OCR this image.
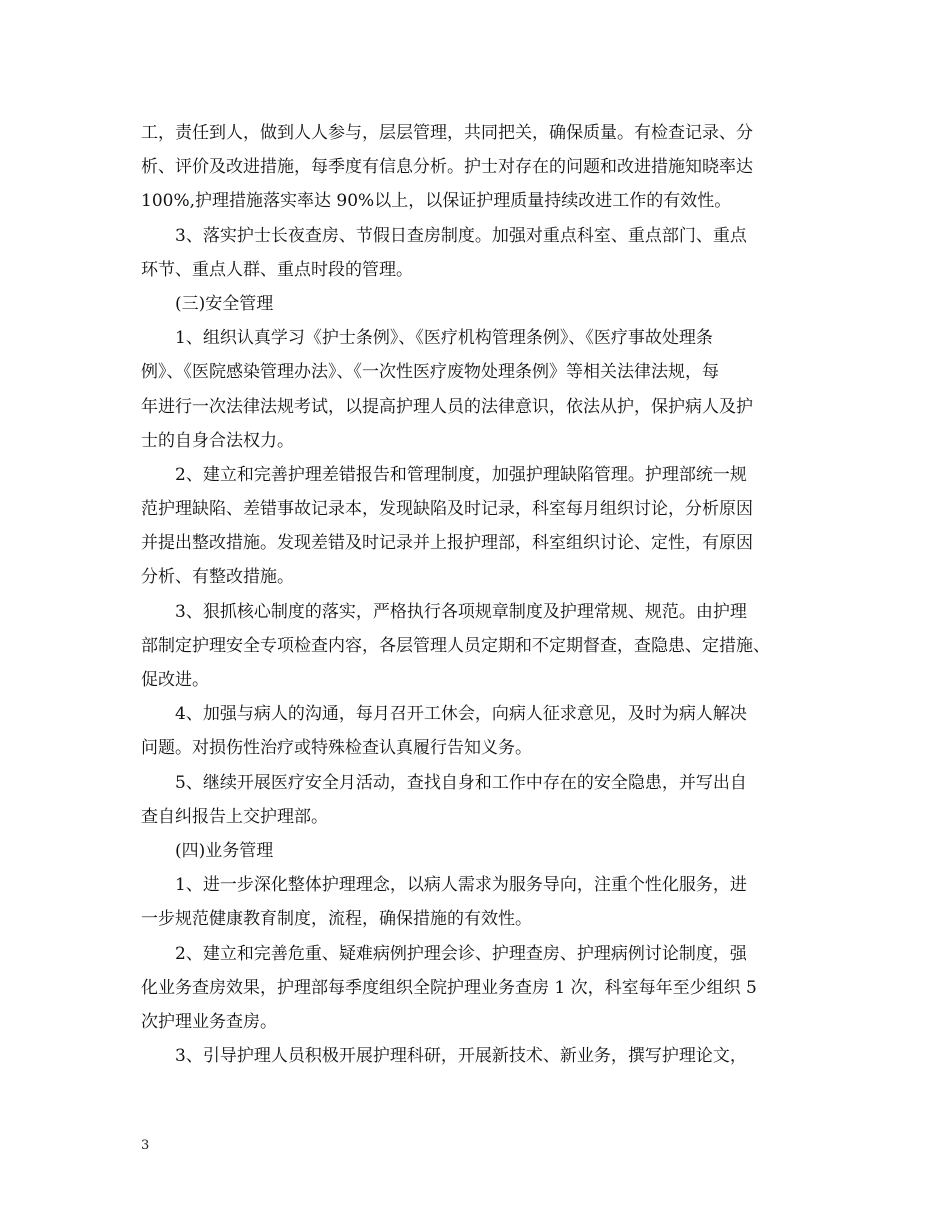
工，责任到人，做到人人参与，层层管理，共同把关，确保质量。有检查记录、分
析、评价及改进措施，每季度有信息分析。护士对存在的问题和改进措施知晓率达
100%,护理措施落实率达 90%以上，以保证护理质量持续改进工作的有效性。
　　3、落实护士长夜查房、节假日查房制度。加强对重点科室、重点部门、重点
环节、重点人群、重点时段的管理。
　　(三)安全管理
　　1、组织认真学习《护士条例》、《医疗机构管理条例》、《医疗事故处理条
例》、《医院感染管理办法》、《一次性医疗废物处理条例》等相关法律法规，每
年进行一次法律法规考试，以提高护理人员的法律意识，依法从护，保护病人及护
士的自身合法权力。
　　2、建立和完善护理差错报告和管理制度，加强护理缺陷管理。护理部统一规
范护理缺陷、差错事故记录本，发现缺陷及时记录，科室每月组织讨论，分析原因
并提出整改措施。发现差错及时记录并上报护理部，科室组织讨论、定性，有原因
分析、有整改措施。
　　3、狠抓核心制度的落实，严格执行各项规章制度及护理常规、规范。由护理
部制定护理安全专项检查内容，各层管理人员定期和不定期督查，查隐患、定措施、
促改进。
　　4、加强与病人的沟通，每月召开工休会，向病人征求意见，及时为病人解决
问题。对损伤性治疗或特殊检查认真履行告知义务。
　　5、继续开展医疗安全月活动，查找自身和工作中存在的安全隐患，并写出自
查自纠报告上交护理部。
　　(四)业务管理
　　1、进一步深化整体护理理念，以病人需求为服务导向，注重个性化服务，进
一步规范健康教育制度，流程，确保措施的有效性。
　　2、建立和完善危重、疑难病例护理会诊、护理查房、护理病例讨论制度，强
化业务查房效果，护理部每季度组织全院护理业务查房 1 次，科室每年至少组织 5
次护理业务查房。
　　3、引导护理人员积极开展护理科研，开展新技术、新业务，撰写护理论文，
3
